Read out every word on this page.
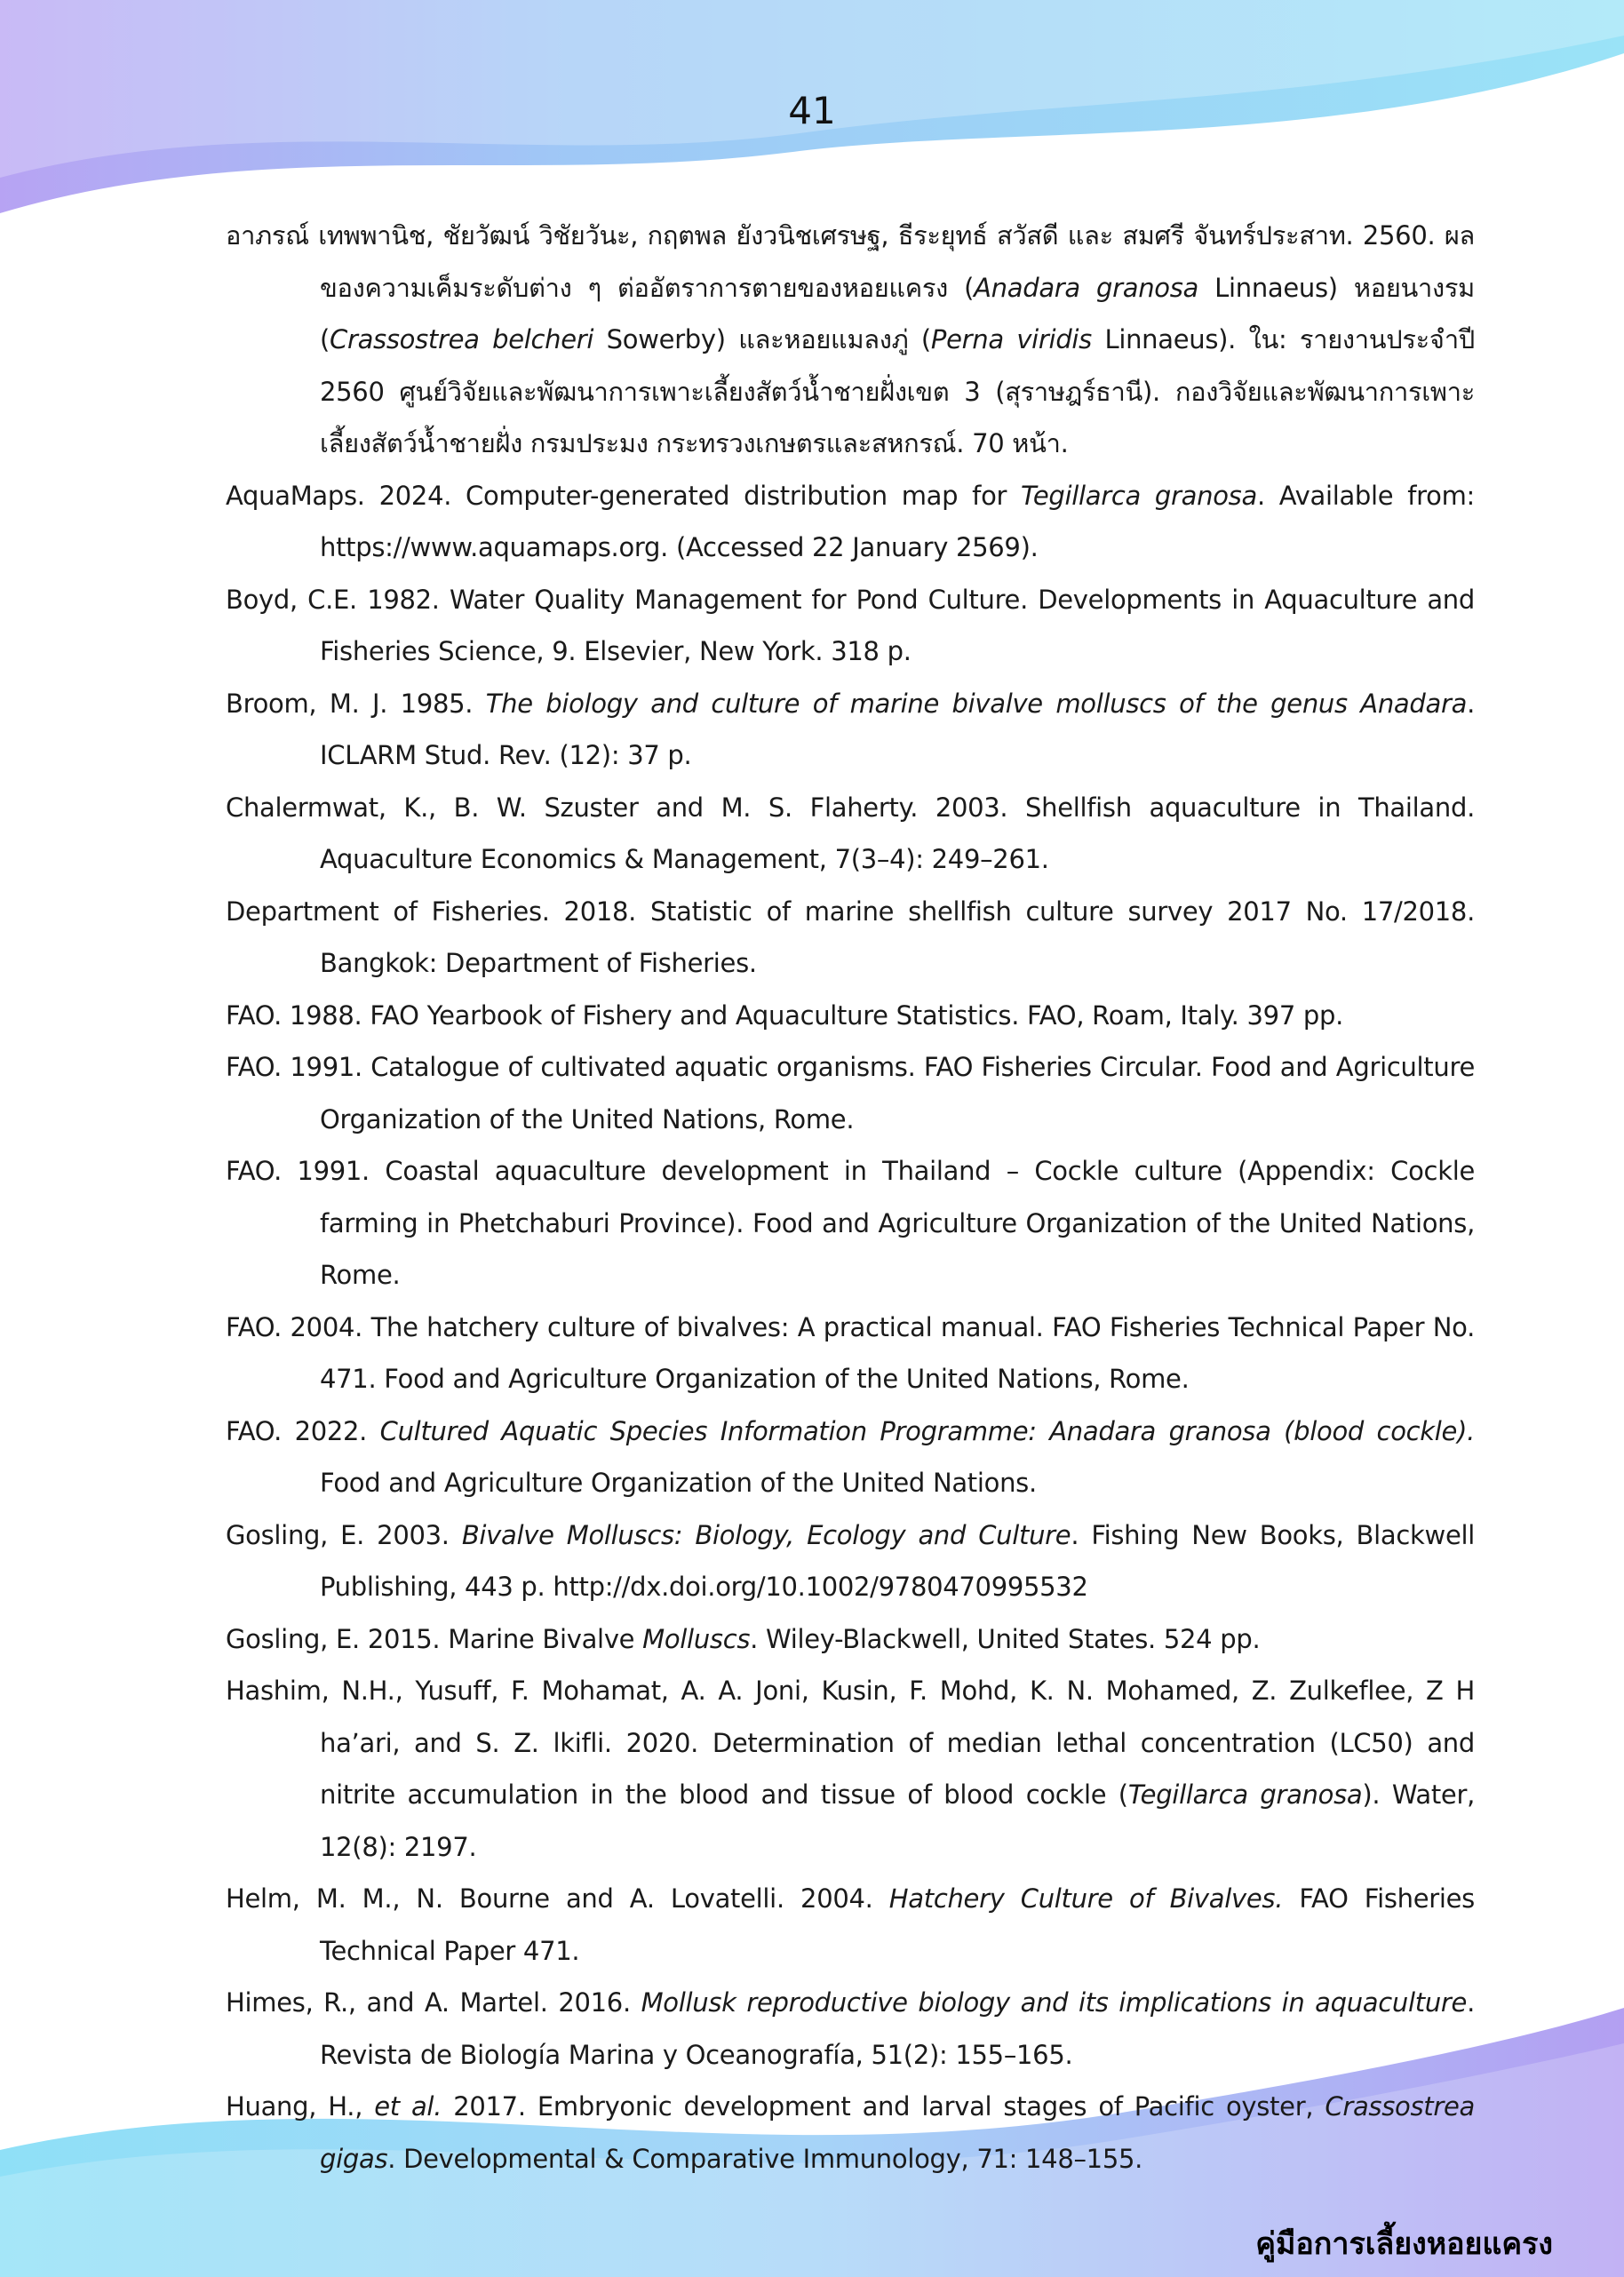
41
อาภรณ์ เทพพานิช, ชัยวัฒน์ วิชัยวันะ, กฤตพล ยังวนิชเศรษฐ, ธีระยุทธ์ สวัสดี และ สมศรี จันทร์ประสาท. 2560. ผลของความเค็มระดับต่าง ๆ ต่ออัตราการตายของหอยแครง (Anadara granosa Linnaeus) หอยนางรม (Crassostrea belcheri Sowerby) และหอยแมลงภู่ (Perna viridis Linnaeus). ใน: รายงานประจำปี 2560 ศูนย์วิจัยและพัฒนาการเพาะเลี้ยงสัตว์น้ำชายฝั่งเขต 3 (สุราษฎร์ธานี). กองวิจัยและพัฒนาการเพาะเลี้ยงสัตว์น้ำชายฝั่ง กรมประมง กระทรวงเกษตรและสหกรณ์. 70 หน้า.
AquaMaps. 2024. Computer-generated distribution map for Tegillarca granosa. Available from: https://www.aquamaps.org. (Accessed 22 January 2569).
Boyd, C.E. 1982. Water Quality Management for Pond Culture. Developments in Aquaculture and Fisheries Science, 9. Elsevier, New York. 318 p.
Broom, M. J. 1985. The biology and culture of marine bivalve molluscs of the genus Anadara. ICLARM Stud. Rev. (12): 37 p.
Chalermwat, K., B. W. Szuster and M. S. Flaherty. 2003. Shellfish aquaculture in Thailand. Aquaculture Economics & Management, 7(3–4): 249–261.
Department of Fisheries. 2018. Statistic of marine shellfish culture survey 2017 No. 17/2018. Bangkok: Department of Fisheries.
FAO. 1988. FAO Yearbook of Fishery and Aquaculture Statistics. FAO, Roam, Italy. 397 pp.
FAO. 1991. Catalogue of cultivated aquatic organisms. FAO Fisheries Circular. Food and Agriculture Organization of the United Nations, Rome.
FAO. 1991. Coastal aquaculture development in Thailand – Cockle culture (Appendix: Cockle farming in Phetchaburi Province). Food and Agriculture Organization of the United Nations, Rome.
FAO. 2004. The hatchery culture of bivalves: A practical manual. FAO Fisheries Technical Paper No. 471. Food and Agriculture Organization of the United Nations, Rome.
FAO. 2022. Cultured Aquatic Species Information Programme: Anadara granosa (blood cockle). Food and Agriculture Organization of the United Nations.
Gosling, E. 2003. Bivalve Molluscs: Biology, Ecology and Culture. Fishing New Books, Blackwell Publishing, 443 p. http://dx.doi.org/10.1002/9780470995532
Gosling, E. 2015. Marine Bivalve Molluscs. Wiley-Blackwell, United States. 524 pp.
Hashim, N.H., Yusuff, F. Mohamat, A. A. Joni, Kusin, F. Mohd, K. N. Mohamed, Z. Zulkeflee, Z H ha’ari, and S. Z. lkifli. 2020. Determination of median lethal concentration (LC50) and nitrite accumulation in the blood and tissue of blood cockle (Tegillarca granosa). Water, 12(8): 2197.
Helm, M. M., N. Bourne and A. Lovatelli. 2004. Hatchery Culture of Bivalves. FAO Fisheries Technical Paper 471.
Himes, R., and A. Martel. 2016. Mollusk reproductive biology and its implications in aquaculture. Revista de Biología Marina y Oceanografía, 51(2): 155–165.
Huang, H., et al. 2017. Embryonic development and larval stages of Pacific oyster, Crassostrea gigas. Developmental & Comparative Immunology, 71: 148–155.
คู่มือการเลี้ยงหอยแครง
